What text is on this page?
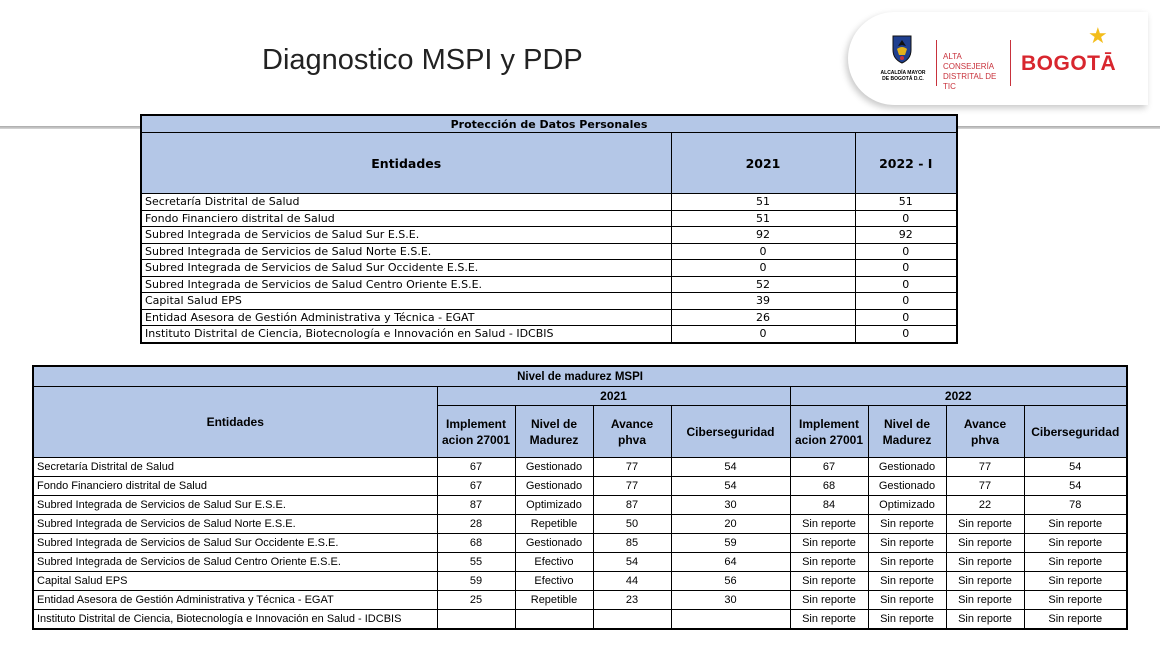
Diagnostico MSPI y PDP	ALCALDÍA MAYOR DE BOGOTÁ D.C.
ALTA CONSEJERÍA
DISTRITAL DE TIC
BOGOTĀ
★
Protección de Datos Personales		
Entidades	2021	2022 - I
Secretaría Distrital de Salud	51	51
Fondo Financiero distrital de Salud	51	0
Subred Integrada de Servicios de Salud Sur E.S.E.	92	92
Subred Integrada de Servicios de Salud Norte E.S.E.	0	0
Subred Integrada de Servicios de Salud Sur Occidente E.S.E.	0	0
Subred Integrada de Servicios de Salud Centro Oriente E.S.E.	52	0
Capital Salud EPS	39	0
Entidad Asesora de Gestión Administrativa y Técnica - EGAT	26	0
Instituto Distrital de Ciencia, Biotecnología e Innovación en Salud - IDCBIS	0	0
Nivel de madurez MSPI								
Entidades	2021				2022			
	Implement acion 27001	Nivel de Madurez	Avance phva	Ciberseguridad	Implement acion 27001	Nivel de Madurez	Avance phva	Ciberseguridad
Secretaría Distrital de Salud	67	Gestionado	77	54	67	Gestionado	77	54
Fondo Financiero distrital de Salud	67	Gestionado	77	54	68	Gestionado	77	54
Subred Integrada de Servicios de Salud Sur E.S.E.	87	Optimizado	87	30	84	Optimizado	22	78
Subred Integrada de Servicios de Salud Norte E.S.E.	28	Repetible	50	20	Sin reporte	Sin reporte	Sin reporte	Sin reporte
Subred Integrada de Servicios de Salud Sur Occidente E.S.E.	68	Gestionado	85	59	Sin reporte	Sin reporte	Sin reporte	Sin reporte
Subred Integrada de Servicios de Salud Centro Oriente E.S.E.	55	Efectivo	54	64	Sin reporte	Sin reporte	Sin reporte	Sin reporte
Capital Salud EPS	59	Efectivo	44	56	Sin reporte	Sin reporte	Sin reporte	Sin reporte
Entidad Asesora de Gestión Administrativa y Técnica - EGAT	25	Repetible	23	30	Sin reporte	Sin reporte	Sin reporte	Sin reporte
Instituto Distrital de Ciencia, Biotecnología e Innovación en Salud - IDCBIS					Sin reporte	Sin reporte	Sin reporte	Sin reporte
